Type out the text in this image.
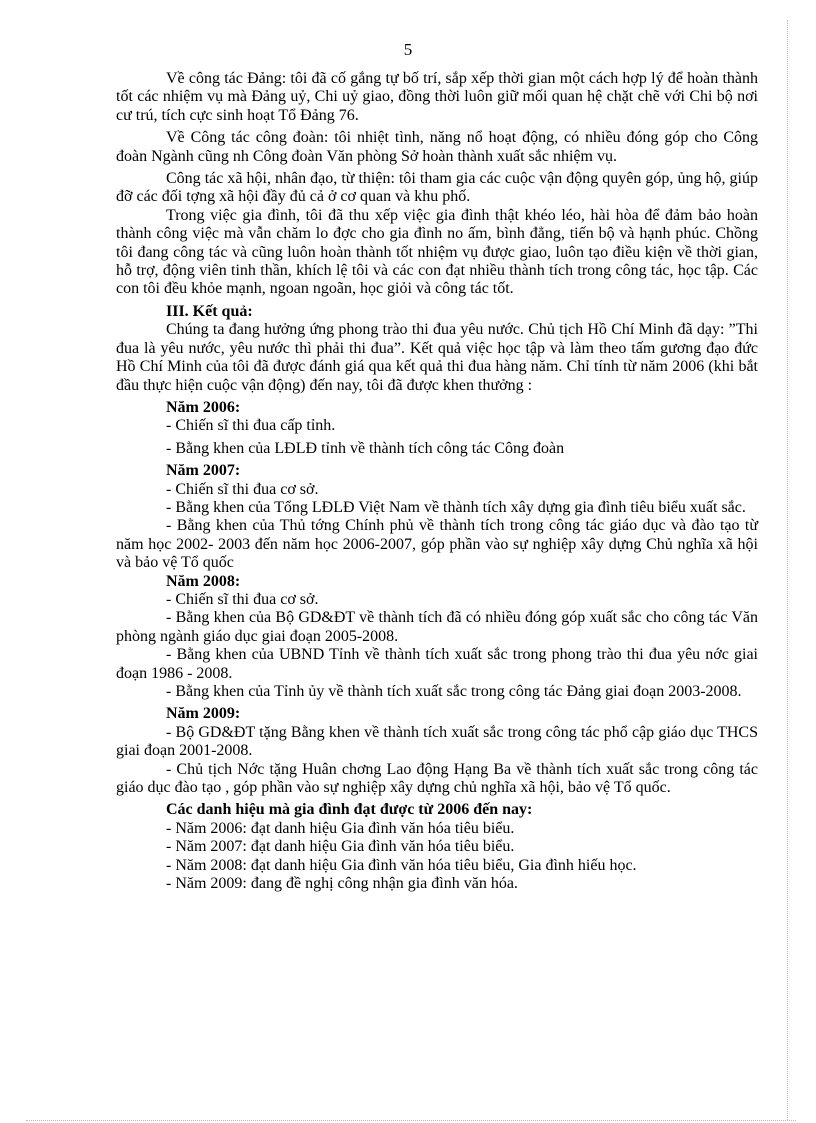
5

Về công tác Đảng: tôi đã cố gắng tự bố trí, sắp xếp thời gian một cách hợp lý để hoàn thành tốt các nhiệm vụ mà Đảng uỷ, Chi uỷ giao, đồng thời luôn giữ mối quan hệ chặt chẽ với Chi bộ nơi cư trú, tích cực sinh hoạt Tổ Đảng 76.

Về Công tác công đoàn: tôi nhiệt tình, năng nổ hoạt động, có nhiều đóng góp cho Công đoàn Ngành cũng nh Công đoàn Văn phòng Sở hoàn thành xuất sắc nhiệm vụ.

Công tác xã hội, nhân đạo, từ thiện: tôi tham gia các cuộc vận động quyên góp, ủng hộ, giúp đỡ các đối tợng xã hội đầy đủ cả ở cơ quan và khu phố.

Trong việc gia đình, tôi đã thu xếp việc gia đình thật khéo léo, hài hòa để đảm bảo hoàn thành công việc mà vẫn chăm lo đợc cho gia đình no ấm, bình đẳng, tiến bộ và hạnh phúc. Chồng tôi đang công tác và cũng luôn hoàn thành tốt nhiệm vụ được giao, luôn tạo điều kiện về thời gian, hỗ trợ, động viên tinh thần, khích lệ tôi và các con đạt nhiều thành tích trong công tác, học tập. Các con tôi đều khỏe mạnh, ngoan ngoãn, học giỏi và công tác tốt.

III. Kết quả:

Chúng ta đang hưởng ứng phong trào thi đua yêu nước. Chủ tịch Hồ Chí Minh đã dạy: ”Thi đua là yêu nước, yêu nước thì phải thi đua”. Kết quả việc học tập và làm theo tấm gương đạo đức Hồ Chí Minh của tôi đã được đánh giá qua kết quả thi đua hàng năm. Chỉ tính từ năm 2006 (khi bắt đầu thực hiện cuộc vận động) đến nay, tôi đã được khen thưởng :

Năm 2006:

- Chiến sĩ thi đua cấp tỉnh.

- Bằng khen của LĐLĐ tỉnh về thành tích công tác Công đoàn

Năm 2007:

- Chiến sĩ thi đua cơ sở.

- Bằng khen của Tổng LĐLĐ Việt Nam về thành tích xây dựng gia đình tiêu biểu xuất sắc.

- Bằng khen của Thủ tớng Chính phủ về thành tích trong công tác giáo dục và đào tạo từ năm học 2002- 2003 đến năm học 2006-2007, góp phần vào sự nghiệp xây dựng Chủ nghĩa xã hội và bảo vệ Tổ quốc

Năm 2008:

- Chiến sĩ thi đua cơ sở.

- Bằng khen của Bộ GD&ĐT về thành tích đã có nhiều đóng góp xuất sắc cho công tác Văn phòng ngành giáo dục giai đoạn 2005-2008.

- Bằng khen của UBND Tỉnh về thành tích xuất sắc trong phong trào thi đua yêu nớc giai đoạn 1986 - 2008.

- Bằng khen của Tỉnh ủy về thành tích xuất sắc trong công tác Đảng giai đoạn 2003-2008.

Năm 2009:

- Bộ GD&ĐT tặng Bằng khen về thành tích xuất sắc trong công tác phổ cập giáo dục THCS giai đoạn 2001-2008.

- Chủ tịch Nớc tặng Huân chơng Lao động Hạng Ba về thành tích xuất sắc trong công tác giáo dục đào tạo , góp phần vào sự nghiệp xây dựng chủ nghĩa xã hội, bảo vệ Tổ quốc.

Các danh hiệu mà gia đình đạt được từ 2006 đến nay:

- Năm 2006: đạt danh hiệu Gia đình văn hóa tiêu biểu.

- Năm 2007: đạt danh hiệu Gia đình văn hóa tiêu biểu.

- Năm 2008: đạt danh hiệu Gia đình văn hóa tiêu biểu, Gia đình hiếu học.

- Năm 2009: đang đề nghị công nhận gia đình văn hóa.
